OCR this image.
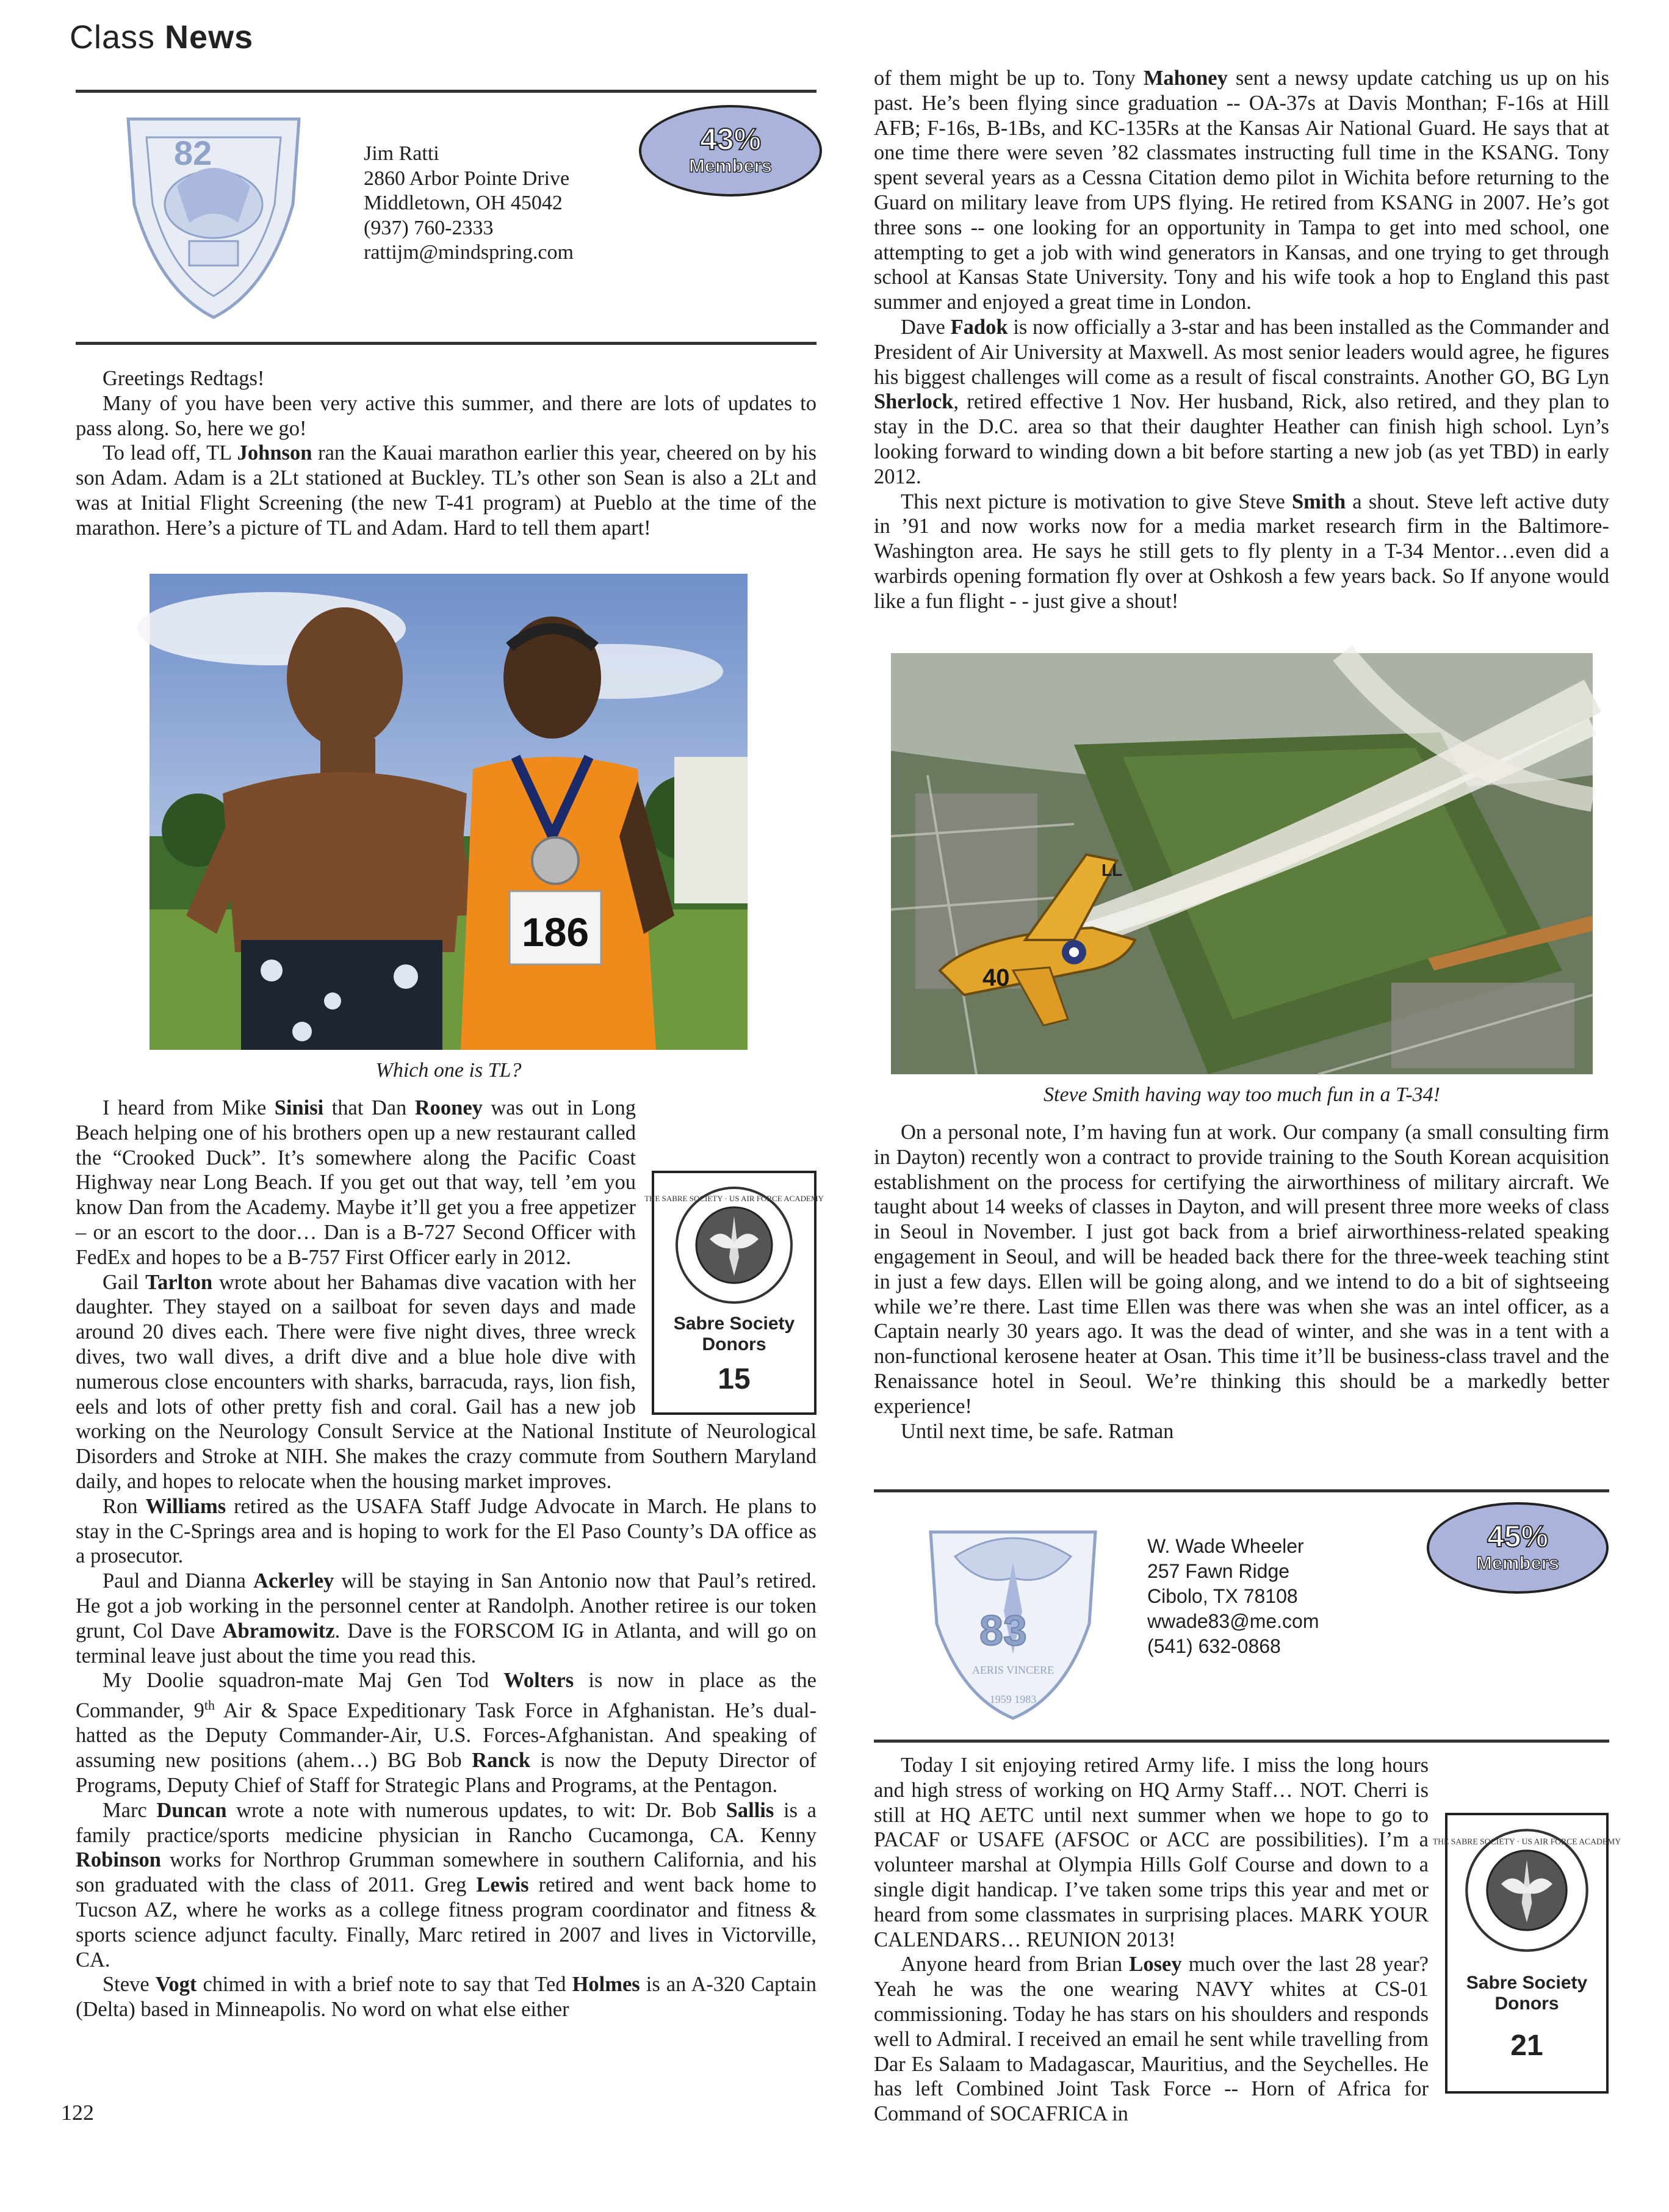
Class News
82	Jim Ratti
2860 Arbor Pointe Drive
Middletown, OH 45042
(937) 760-2333
rattijm@mindspring.com
43%
Members

Greetings Redtags!

Many of you have been very active this summer, and there are lots of updates to pass along. So, here we go!

To lead off, TL Johnson ran the Kauai marathon earlier this year, cheered on by his son Adam. Adam is a 2Lt stationed at Buckley. TL’s other son Sean is also a 2Lt and was at Initial Flight Screening (the new T-41 program) at Pueblo at the time of the marathon. Here’s a picture of TL and Adam. Hard to tell them apart!

186
Which one is TL?

I heard from Mike Sinisi that Dan Rooney was out in Long Beach helping one of his brothers open up a new restaurant called the “Crooked Duck”. It’s somewhere along the Pacific Coast Highway near Long Beach. If you get out that way, tell ’em you know Dan from the Academy. Maybe it’ll get you a free appetizer – or an escort to the door… Dan is a B-727 Second Officer with FedEx and hopes to be a B-757 First Officer early in 2012.

Gail Tarlton wrote about her Bahamas dive vacation with her daughter. They stayed on a sailboat for seven days and made around 20 dives each. There were five night dives, three wreck dives, two wall dives, a drift dive and a blue hole dive with numerous close encounters with sharks, barracuda, rays, lion fish, eels and lots of other pretty fish and coral. Gail has a new job working on the Neurology Consult Service at the National Institute of Neurological Disorders and Stroke at NIH. She makes the crazy commute from Southern Maryland daily, and hopes to relocate when the housing market improves.

Ron Williams retired as the USAFA Staff Judge Advocate in March. He plans to stay in the C-Springs area and is hoping to work for the El Paso County’s DA office as a prosecutor.

Paul and Dianna Ackerley will be staying in San Antonio now that Paul’s retired. He got a job working in the personnel center at Randolph. Another retiree is our token grunt, Col Dave Abramowitz. Dave is the FORSCOM IG in Atlanta, and will go on terminal leave just about the time you read this.

My Doolie squadron-mate Maj Gen Tod Wolters is now in place as the Commander, 9th Air & Space Expeditionary Task Force in Afghanistan. He’s dual-hatted as the Deputy Commander-Air, U.S. Forces-Afghanistan. And speaking of assuming new positions (ahem…) BG Bob Ranck is now the Deputy Director of Programs, Deputy Chief of Staff for Strategic Plans and Programs, at the Pentagon.

Marc Duncan wrote a note with numerous updates, to wit: Dr. Bob Sallis is a family practice/sports medicine physician in Rancho Cucamonga, CA. Kenny Robinson works for Northrop Grumman somewhere in southern California, and his son graduated with the class of 2011. Greg Lewis retired and went back home to Tucson AZ, where he works as a college fitness program coordinator and fitness & sports science adjunct faculty. Finally, Marc retired in 2007 and lives in Victorville, CA.

Steve Vogt chimed in with a brief note to say that Ted Holmes is an A-320 Captain (Delta) based in Minneapolis. No word on what else either

THE SABRE SOCIETY · US AIR FORCE ACADEMY
Sabre Society
Donors
15

of them might be up to. Tony Mahoney sent a newsy update catching us up on his past. He’s been flying since graduation -- OA-37s at Davis Monthan; F-16s at Hill AFB; F-16s, B-1Bs, and KC-135Rs at the Kansas Air National Guard. He says that at one time there were seven ’82 classmates instructing full time in the KSANG. Tony spent several years as a Cessna Citation demo pilot in Wichita before returning to the Guard on military leave from UPS flying. He retired from KSANG in 2007. He’s got three sons -- one looking for an opportunity in Tampa to get into med school, one attempting to get a job with wind generators in Kansas, and one trying to get through school at Kansas State University. Tony and his wife took a hop to England this past summer and enjoyed a great time in London.

Dave Fadok is now officially a 3-star and has been installed as the Commander and President of Air University at Maxwell. As most senior leaders would agree, he figures his biggest challenges will come as a result of fiscal constraints. Another GO, BG Lyn Sherlock, retired effective 1 Nov. Her husband, Rick, also retired, and they plan to stay in the D.C. area so that their daughter Heather can finish high school. Lyn’s looking forward to winding down a bit before starting a new job (as yet TBD) in early 2012.

This next picture is motivation to give Steve Smith a shout. Steve left active duty in ’91 and now works now for a media market research firm in the Baltimore-Washington area. He says he still gets to fly plenty in a T-34 Mentor…even did a warbirds opening formation fly over at Oshkosh a few years back. So If anyone would like a fun flight - - just give a shout!

LL
40
Steve Smith having way too much fun in a T-34!

On a personal note, I’m having fun at work. Our company (a small consulting firm in Dayton) recently won a contract to provide training to the South Korean acquisition establishment on the process for certifying the airworthiness of military aircraft. We taught about 14 weeks of classes in Dayton, and will present three more weeks of class in Seoul in November. I just got back from a brief airworthiness-related speaking engagement in Seoul, and will be headed back there for the three-week teaching stint in just a few days. Ellen will be going along, and we intend to do a bit of sightseeing while we’re there. Last time Ellen was there was when she was an intel officer, as a Captain nearly 30 years ago. It was the dead of winter, and she was in a tent with a non-functional kerosene heater at Osan. This time it’ll be business-class travel and the Renaissance hotel in Seoul. We’re thinking this should be a markedly better experience!

Until next time, be safe. Ratman

83
AERIS VINCERE
1959 1983
W. Wade Wheeler
257 Fawn Ridge
Cibolo, TX 78108
wwade83@me.com
(541) 632-0868
45%
Members

Today I sit enjoying retired Army life. I miss the long hours and high stress of working on HQ Army Staff… NOT. Cherri is still at HQ AETC until next summer when we hope to go to PACAF or USAFE (AFSOC or ACC are possibilities). I’m a volunteer marshal at Olympia Hills Golf Course and down to a single digit handicap. I’ve taken some trips this year and met or heard from some classmates in surprising places. MARK YOUR CALENDARS… REUNION 2013!

Anyone heard from Brian Losey much over the last 28 year? Yeah he was the one wearing NAVY whites at CS-01 commissioning. Today he has stars on his shoulders and responds well to Admiral. I received an email he sent while travelling from Dar Es Salaam to Madagascar, Mauritius, and the Seychelles. He has left Combined Joint Task Force -- Horn of Africa for Command of SOCAFRICA in

THE SABRE SOCIETY · US AIR FORCE ACADEMY
Sabre Society
Donors
21
122
